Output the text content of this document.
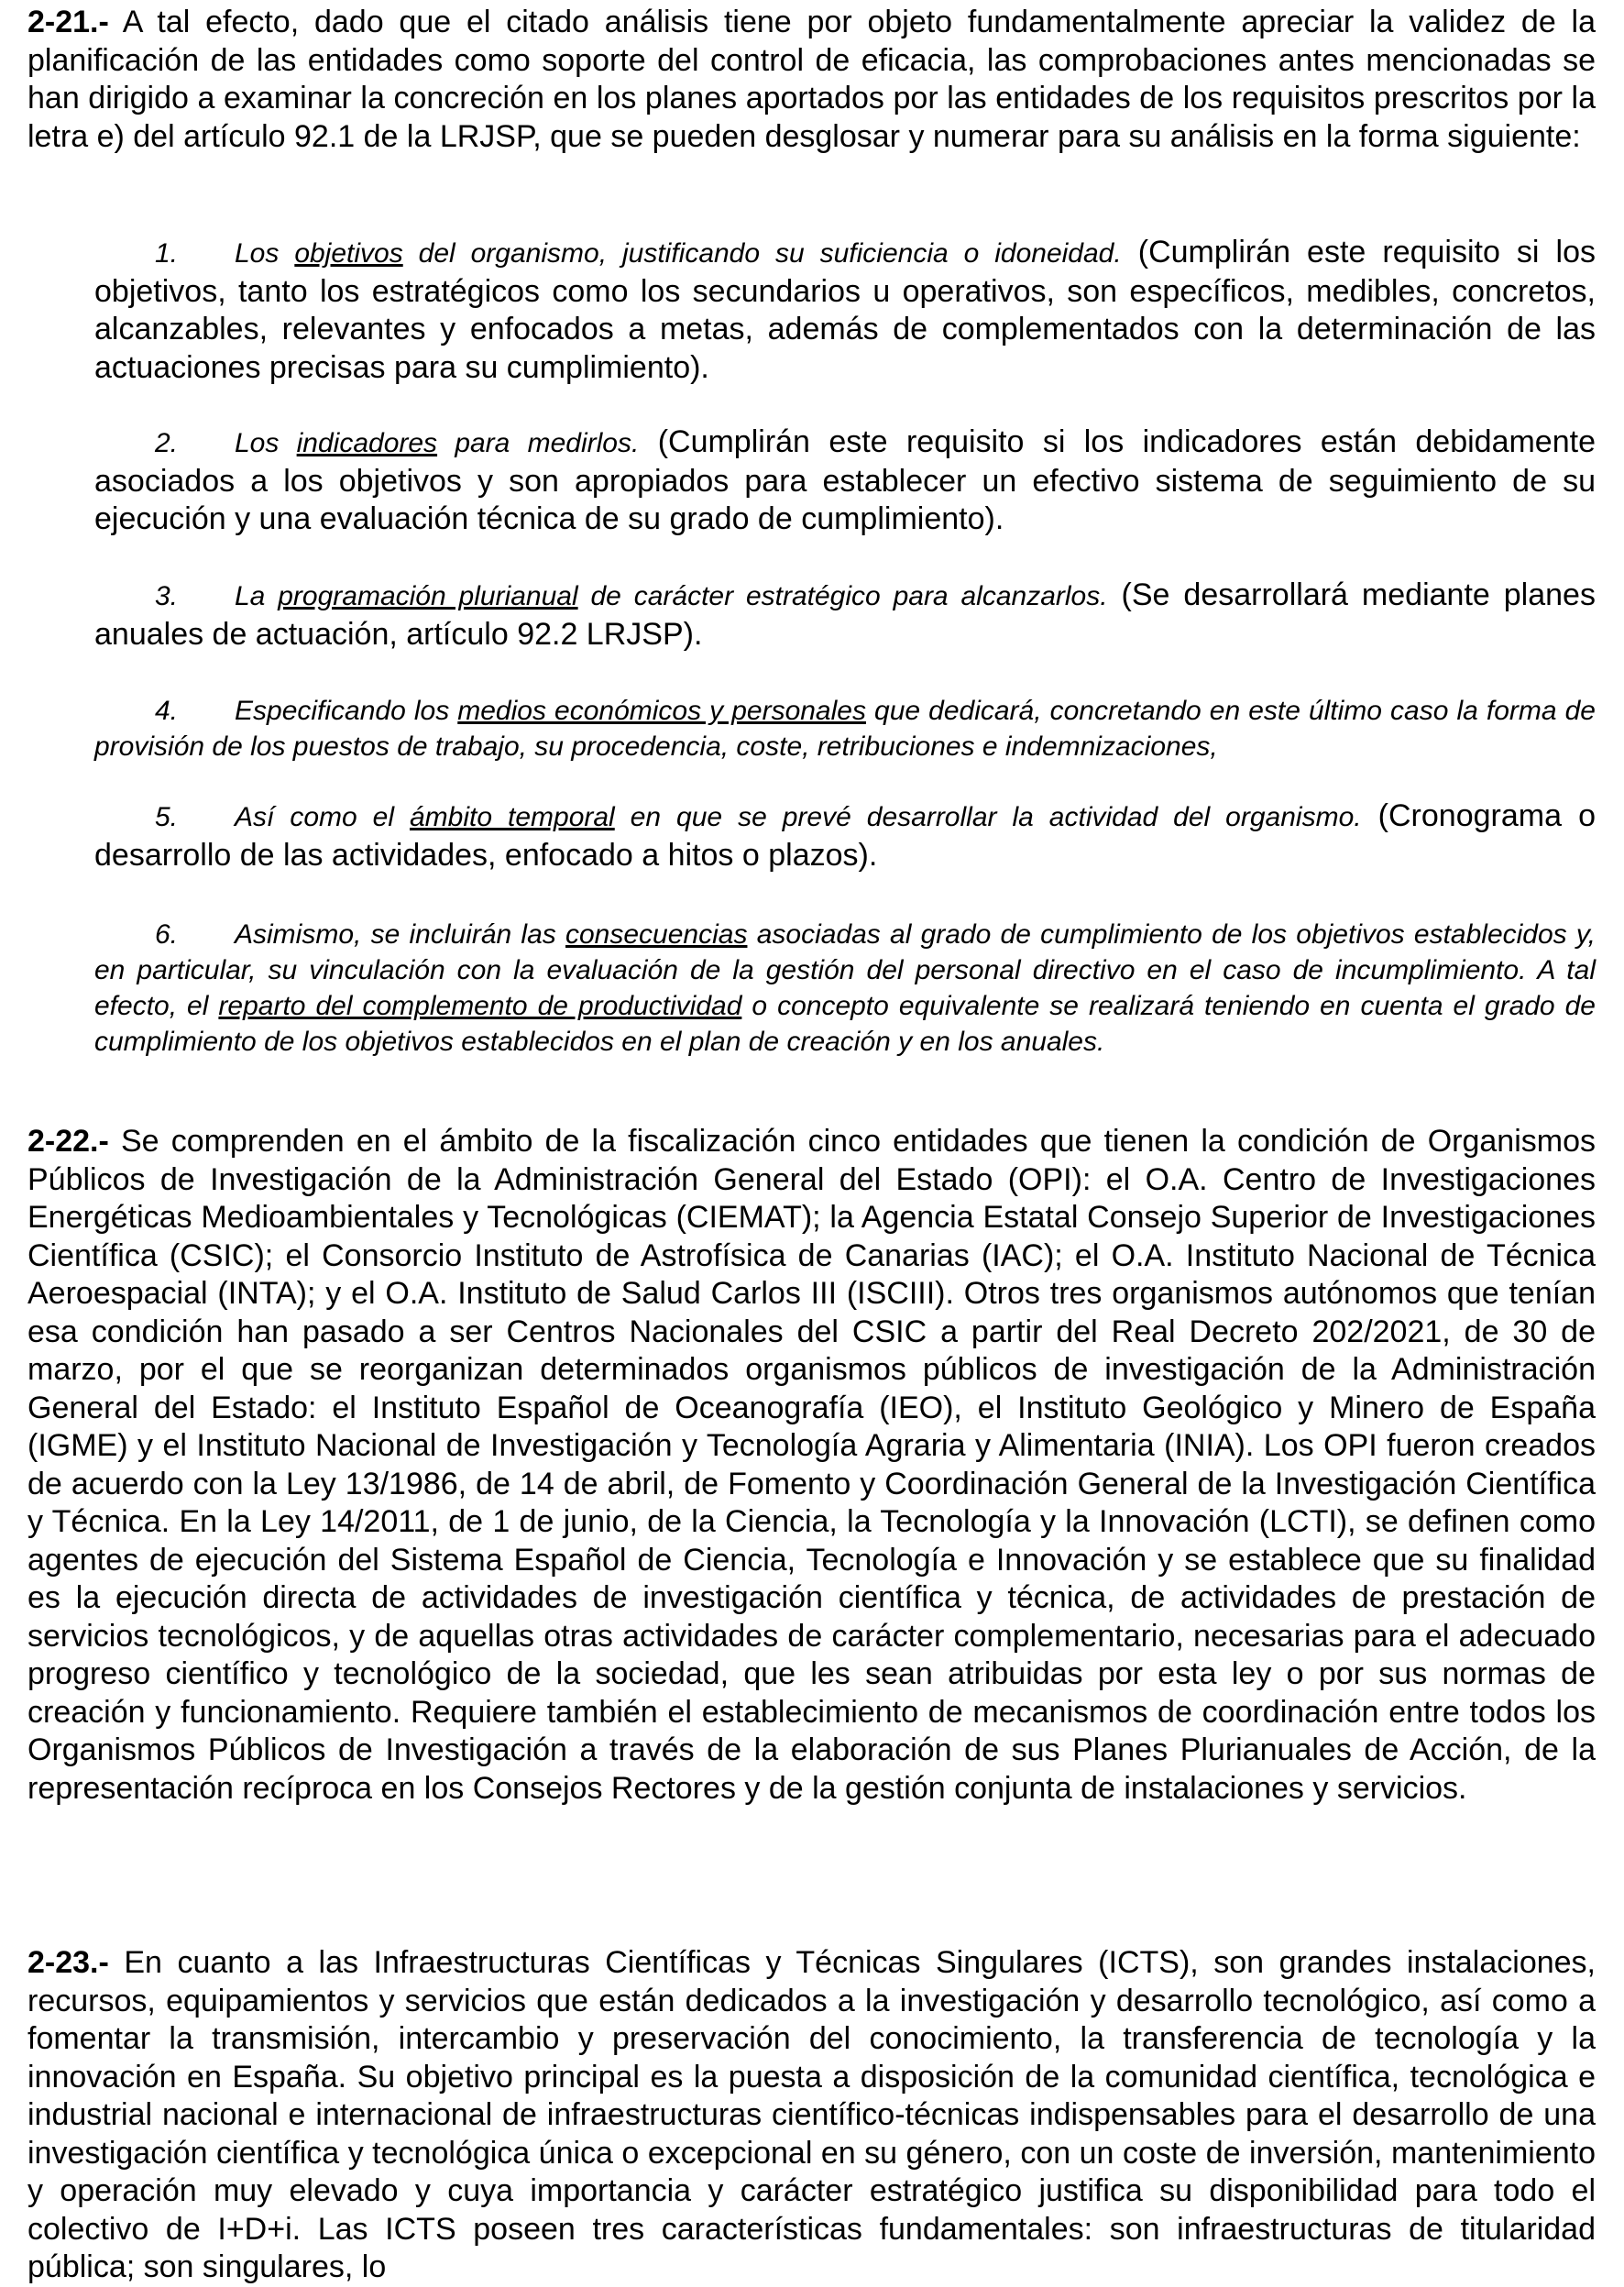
2-21.- A tal efecto, dado que el citado análisis tiene por objeto fundamentalmente apreciar la validez de la planificación de las entidades como soporte del control de eficacia, las comprobaciones antes mencionadas se han dirigido a examinar la concreción en los planes aportados por las entidades de los requisitos prescritos por la letra e) del artículo 92.1 de la LRJSP, que se pueden desglosar y numerar para su análisis en la forma siguiente:

1. Los objetivos del organismo, justificando su suficiencia o idoneidad. (Cumplirán este requisito si los objetivos, tanto los estratégicos como los secundarios u operativos, son específicos, medibles, concretos, alcanzables, relevantes y enfocados a metas, además de complementados con la determinación de las actuaciones precisas para su cumplimiento).

2. Los indicadores para medirlos. (Cumplirán este requisito si los indicadores están debidamente asociados a los objetivos y son apropiados para establecer un efectivo sistema de seguimiento de su ejecución y una evaluación técnica de su grado de cumplimiento).

3. La programación plurianual de carácter estratégico para alcanzarlos. (Se desarrollará mediante planes anuales de actuación, artículo 92.2 LRJSP).

4. Especificando los medios económicos y personales que dedicará, concretando en este último caso la forma de provisión de los puestos de trabajo, su procedencia, coste, retribuciones e indemnizaciones,

5. Así como el ámbito temporal en que se prevé desarrollar la actividad del organismo. (Cronograma o desarrollo de las actividades, enfocado a hitos o plazos).

6. Asimismo, se incluirán las consecuencias asociadas al grado de cumplimiento de los objetivos establecidos y, en particular, su vinculación con la evaluación de la gestión del personal directivo en el caso de incumplimiento. A tal efecto, el reparto del complemento de productividad o concepto equivalente se realizará teniendo en cuenta el grado de cumplimiento de los objetivos establecidos en el plan de creación y en los anuales.

2-22.- Se comprenden en el ámbito de la fiscalización cinco entidades que tienen la condición de Organismos Públicos de Investigación de la Administración General del Estado (OPI): el O.A. Centro de Investigaciones Energéticas Medioambientales y Tecnológicas (CIEMAT); la Agencia Estatal Consejo Superior de Investigaciones Científica (CSIC); el Consorcio Instituto de Astrofísica de Canarias (IAC); el O.A. Instituto Nacional de Técnica Aeroespacial (INTA); y el O.A. Instituto de Salud Carlos III (ISCIII). Otros tres organismos autónomos que tenían esa condición han pasado a ser Centros Nacionales del CSIC a partir del Real Decreto 202/2021, de 30 de marzo, por el que se reorganizan determinados organismos públicos de investigación de la Administración General del Estado: el Instituto Español de Oceanografía (IEO), el Instituto Geológico y Minero de España (IGME) y el Instituto Nacional de Investigación y Tecnología Agraria y Alimentaria (INIA). Los OPI fueron creados de acuerdo con la Ley 13/1986, de 14 de abril, de Fomento y Coordinación General de la Investigación Científica y Técnica. En la Ley 14/2011, de 1 de junio, de la Ciencia, la Tecnología y la Innovación (LCTI), se definen como agentes de ejecución del Sistema Español de Ciencia, Tecnología e Innovación y se establece que su finalidad es la ejecución directa de actividades de investigación científica y técnica, de actividades de prestación de servicios tecnológicos, y de aquellas otras actividades de carácter complementario, necesarias para el adecuado progreso científico y tecnológico de la sociedad, que les sean atribuidas por esta ley o por sus normas de creación y funcionamiento. Requiere también el establecimiento de mecanismos de coordinación entre todos los Organismos Públicos de Investigación a través de la elaboración de sus Planes Plurianuales de Acción, de la representación recíproca en los Consejos Rectores y de la gestión conjunta de instalaciones y servicios.

2-23.- En cuanto a las Infraestructuras Científicas y Técnicas Singulares (ICTS), son grandes instalaciones, recursos, equipamientos y servicios que están dedicados a la investigación y desarrollo tecnológico, así como a fomentar la transmisión, intercambio y preservación del conocimiento, la transferencia de tecnología y la innovación en España. Su objetivo principal es la puesta a disposición de la comunidad científica, tecnológica e industrial nacional e internacional de infraestructuras científico-técnicas indispensables para el desarrollo de una investigación científica y tecnológica única o excepcional en su género, con un coste de inversión, mantenimiento y operación muy elevado y cuya importancia y carácter estratégico justifica su disponibilidad para todo el colectivo de I+D+i. Las ICTS poseen tres características fundamentales: son infraestructuras de titularidad pública; son singulares, lo
